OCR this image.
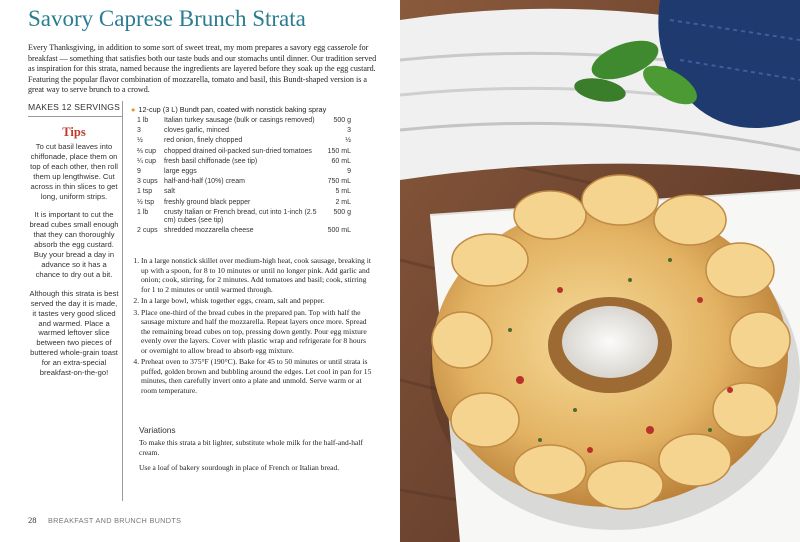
Savory Caprese Brunch Strata
Every Thanksgiving, in addition to some sort of sweet treat, my mom prepares a savory egg casserole for breakfast — something that satisfies both our taste buds and our stomachs until dinner. Our tradition served as inspiration for this strata, named because the ingredients are layered before they soak up the egg custard. Featuring the popular flavor combination of mozzarella, tomato and basil, this Bundt-shaped version is a great way to serve brunch to a crowd.
MAKES 12 SERVINGS
Tips

To cut basil leaves into chiffonade, place them on top of each other, then roll them up lengthwise. Cut across in thin slices to get long, uniform strips.

It is important to cut the bread cubes small enough that they can thoroughly absorb the egg custard. Buy your bread a day in advance so it has a chance to dry out a bit.

Although this strata is best served the day it is made, it tastes very good sliced and warmed. Place a warmed leftover slice between two pieces of buttered whole-grain toast for an extra-special breakfast-on-the-go!

● 12-cup (3 L) Bundt pan, coated with nonstick baking spray
1 lb	Italian turkey sausage (bulk or casings removed)	500 g
3	cloves garlic, minced	3
½	red onion, finely chopped	½
⅔ cup	chopped drained oil-packed sun-dried tomatoes	150 mL
¼ cup	fresh basil chiffonade (see tip)	60 mL
9	large eggs	9
3 cups	half-and-half (10%) cream	750 mL
1 tsp	salt	5 mL
½ tsp	freshly ground black pepper	2 mL
1 lb	crusty Italian or French bread, cut into 1-inch (2.5 cm) cubes (see tip)	500 g
2 cups	shredded mozzarella cheese	500 mL
1. In a large nonstick skillet over medium-high heat, cook sausage, breaking it up with a spoon, for 8 to 10 minutes or until no longer pink. Add garlic and onion; cook, stirring, for 2 minutes. Add tomatoes and basil; cook, stirring for 1 to 2 minutes or until warmed through.
2. In a large bowl, whisk together eggs, cream, salt and pepper.
3. Place one-third of the bread cubes in the prepared pan. Top with half the sausage mixture and half the mozzarella. Repeat layers once more. Spread the remaining bread cubes on top, pressing down gently. Pour egg mixture evenly over the layers. Cover with plastic wrap and refrigerate for 8 hours or overnight to allow bread to absorb egg mixture.
4. Preheat oven to 375°F (190°C). Bake for 45 to 50 minutes or until strata is puffed, golden brown and bubbling around the edges. Let cool in pan for 15 minutes, then carefully invert onto a plate and unmold. Serve warm or at room temperature.
Variations

To make this strata a bit lighter, substitute whole milk for the half-and-half cream.

Use a loaf of bakery sourdough in place of French or Italian bread.

28 BREAKFAST AND BRUNCH BUNDTS
